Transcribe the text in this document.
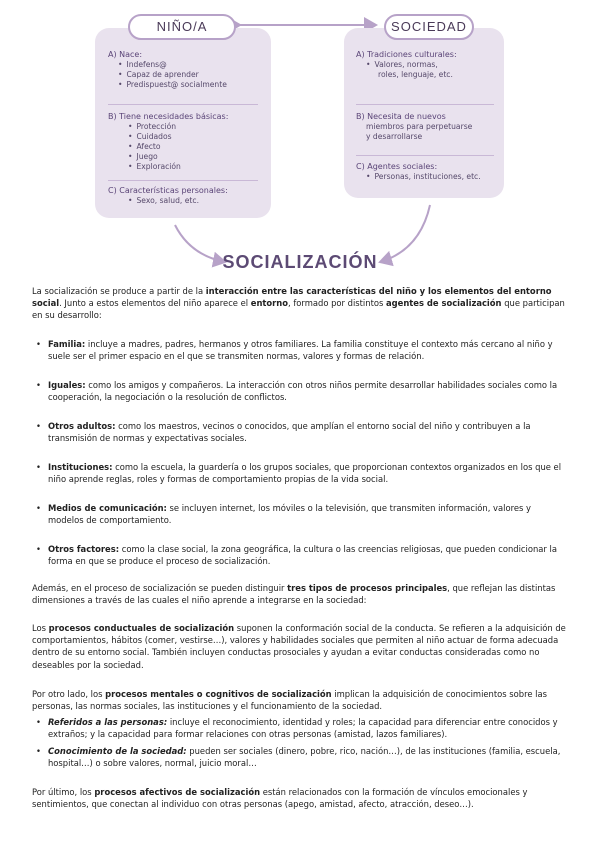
NIÑO/A	SOCIEDAD
A) Nace:
• Indefens@
• Capaz de aprender
• Predispuest@ socialmente
B) Tiene necesidades básicas:
• Protección
• Cuidados
• Afecto
• Juego
• Exploración
C) Características personales:
• Sexo, salud, etc.
A) Tradiciones culturales:
• Valores, normas,
roles, lenguaje, etc.
B) Necesita de nuevos
miembros para perpetuarse
y desarrollarse
C) Agentes sociales:
• Personas, instituciones, etc.
SOCIALIZACIÓN
La socialización se produce a partir de la interacción entre las características del niño y los elementos del entorno social. Junto a estos elementos del niño aparece el entorno, formado por distintos agentes de socialización que participan en su desarrollo:
• Familia: incluye a madres, padres, hermanos y otros familiares. La familia constituye el contexto más cercano al niño y suele ser el primer espacio en el que se transmiten normas, valores y formas de relación.
• Iguales: como los amigos y compañeros. La interacción con otros niños permite desarrollar habilidades sociales como la cooperación, la negociación o la resolución de conflictos.
• Otros adultos: como los maestros, vecinos o conocidos, que amplían el entorno social del niño y contribuyen a la transmisión de normas y expectativas sociales.
• Instituciones: como la escuela, la guardería o los grupos sociales, que proporcionan contextos organizados en los que el niño aprende reglas, roles y formas de comportamiento propias de la vida social.
• Medios de comunicación: se incluyen internet, los móviles o la televisión, que transmiten información, valores y modelos de comportamiento.
• Otros factores: como la clase social, la zona geográfica, la cultura o las creencias religiosas, que pueden condicionar la forma en que se produce el proceso de socialización.
Además, en el proceso de socialización se pueden distinguir tres tipos de procesos principales, que reflejan las distintas dimensiones a través de las cuales el niño aprende a integrarse en la sociedad:
Los procesos conductuales de socialización suponen la conformación social de la conducta. Se refieren a la adquisición de comportamientos, hábitos (comer, vestirse…), valores y habilidades sociales que permiten al niño actuar de forma adecuada dentro de su entorno social. También incluyen conductas prosociales y ayudan a evitar conductas consideradas como no deseables por la sociedad.
Por otro lado, los procesos mentales o cognitivos de socialización implican la adquisición de conocimientos sobre las personas, las normas sociales, las instituciones y el funcionamiento de la sociedad.
• Referidos a las personas: incluye el reconocimiento, identidad y roles; la capacidad para diferenciar entre conocidos y extraños; y la capacidad para formar relaciones con otras personas (amistad, lazos familiares).
• Conocimiento de la sociedad: pueden ser sociales (dinero, pobre, rico, nación…), de las instituciones (familia, escuela, hospital…) o sobre valores, normal, juicio moral…
Por último, los procesos afectivos de socialización están relacionados con la formación de vínculos emocionales y sentimientos, que conectan al individuo con otras personas (apego, amistad, afecto, atracción, deseo…).
